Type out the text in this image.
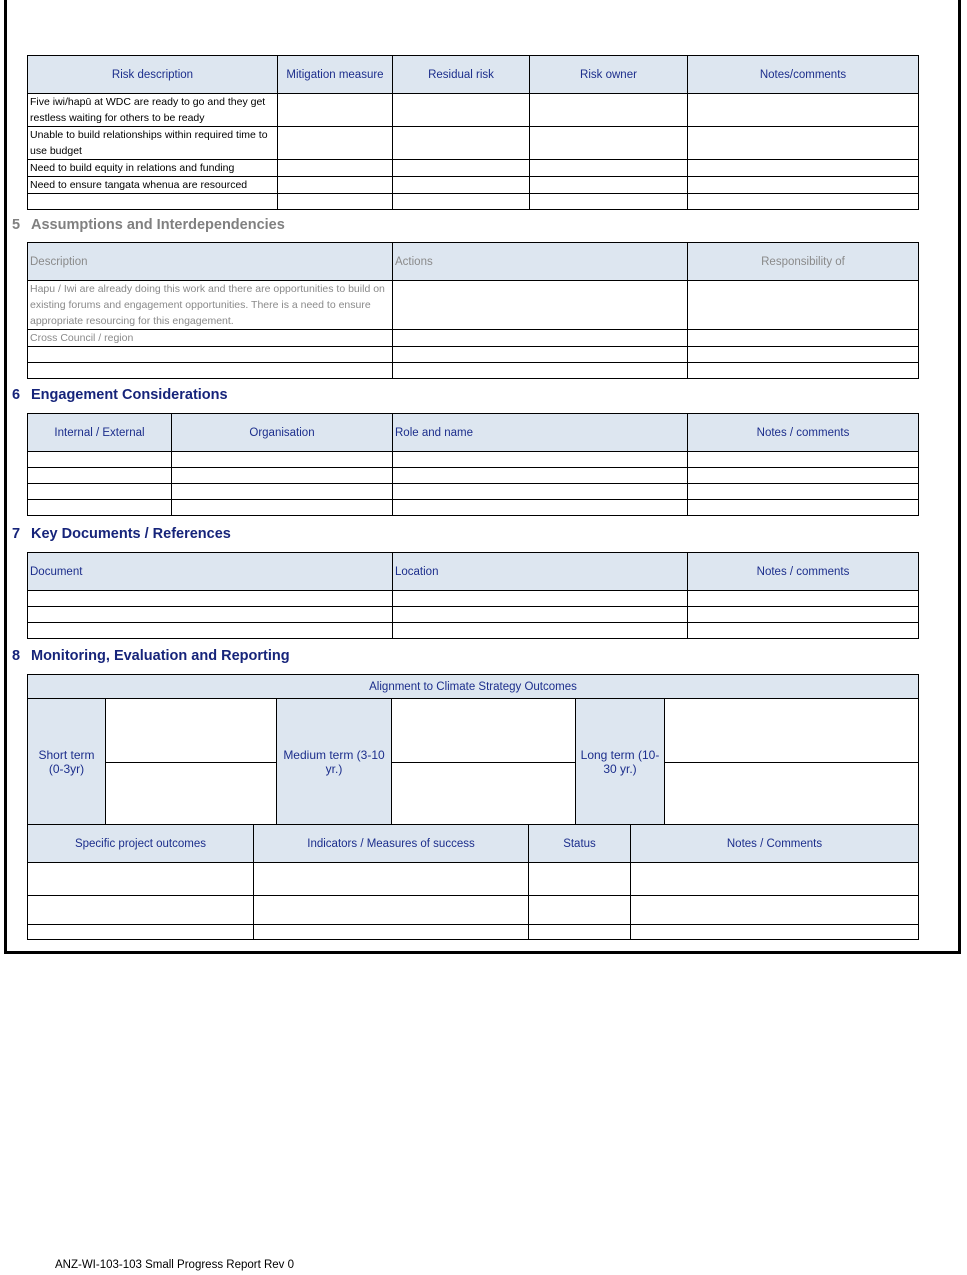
Risk description	Mitigation measure	Residual risk	Risk owner	Notes/comments
Five iwi/hapū at WDC are ready to go and they get restless waiting for others to be ready				
Unable to build relationships within required time to use budget				
Need to build equity in relations and funding				
Need to ensure tangata whenua are resourced				

5 Assumptions and Interdependencies
Description	Actions	Responsibility of
Hapu / Iwi are already doing this work and there are opportunities to build on existing forums and engagement opportunities. There is a need to ensure appropriate resourcing for this engagement.		
Cross Council / region		

6 Engagement Considerations
Internal / External	Organisation	Role and name	Notes / comments

7 Key Documents / References
Document	Location	Notes / comments

8 Monitoring, Evaluation and Reporting
Alignment to Climate Strategy Outcomes					
Short term (0-3yr)		Medium term (3-10 yr.)		Long term (10-30 yr.)	

Specific project outcomes	Indicators / Measures of success	Status	Notes / Comments

ANZ-WI-103-103 Small Progress Report Rev 0
